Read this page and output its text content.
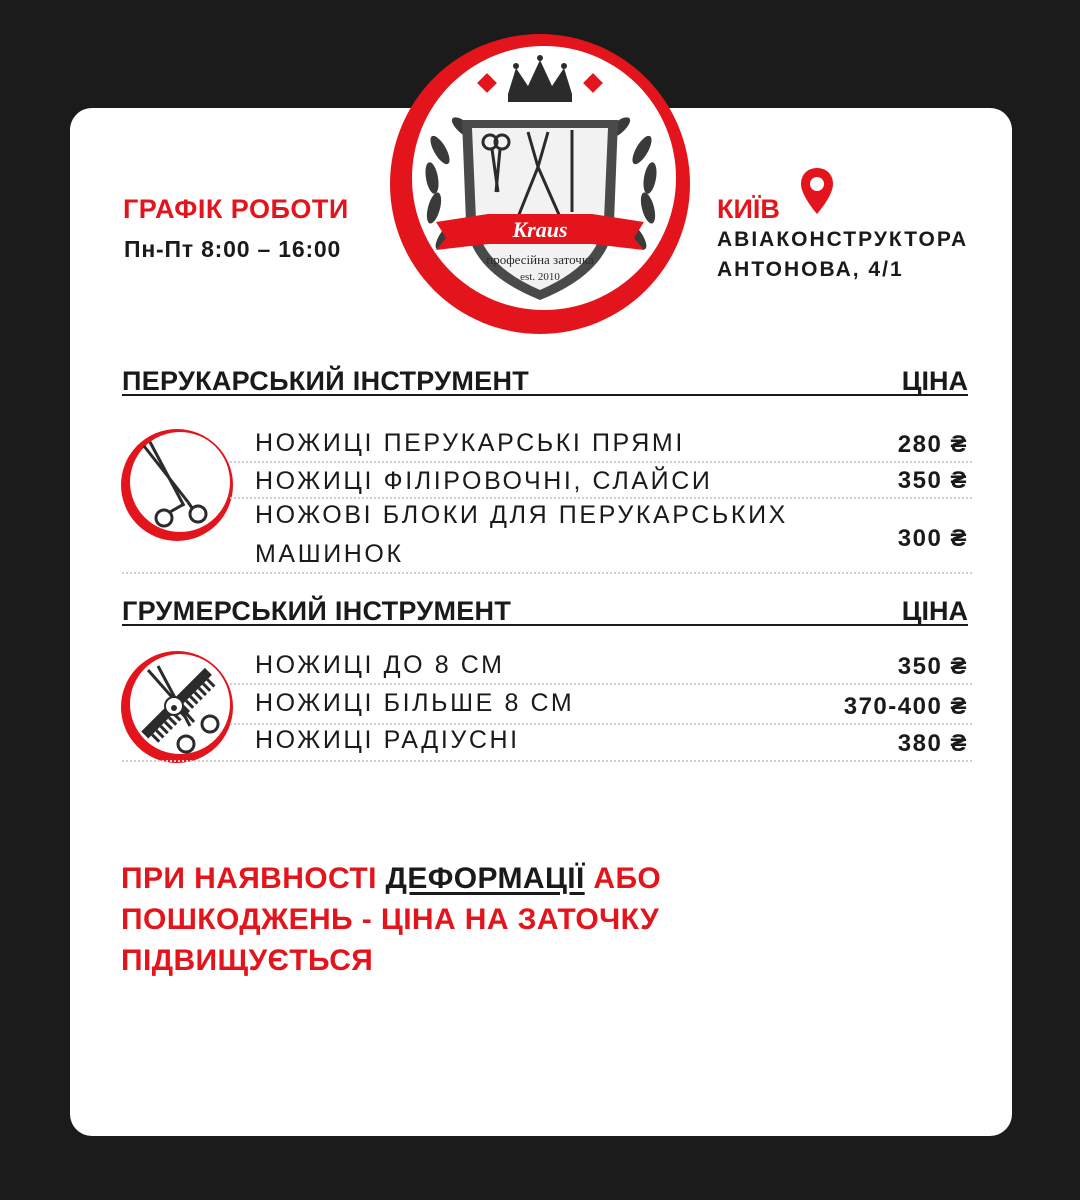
Kraus
професійна заточка
est. 2010
ГРАФІК РОБОТИ
Пн-Пт 8:00 – 16:00
КИЇВ
АВІАКОНСТРУКТОРА
АНТОНОВА, 4/1
ПЕРУКАРСЬКИЙ ІНСТРУМЕНТ	ЦІНА
НОЖИЦІ ПЕРУКАРСЬКІ ПРЯМІ	280 ₴
НОЖИЦІ ФІЛІРОВОЧНІ, СЛАЙСИ	350 ₴
НОЖОВІ БЛОКИ ДЛЯ ПЕРУКАРСЬКИХ
МАШИНОК
300 ₴
ГРУМЕРСЬКИЙ ІНСТРУМЕНТ	ЦІНА
НОЖИЦІ ДО 8 СМ	350 ₴
НОЖИЦІ БІЛЬШЕ 8 СМ	370-400 ₴
НОЖИЦІ РАДІУСНІ	380 ₴
ПРИ НАЯВНОСТІ ДЕФОРМАЦІЇ АБО ПОШКОДЖЕНЬ - ЦІНА НА ЗАТОЧКУ ПІДВИЩУЄТЬСЯ
